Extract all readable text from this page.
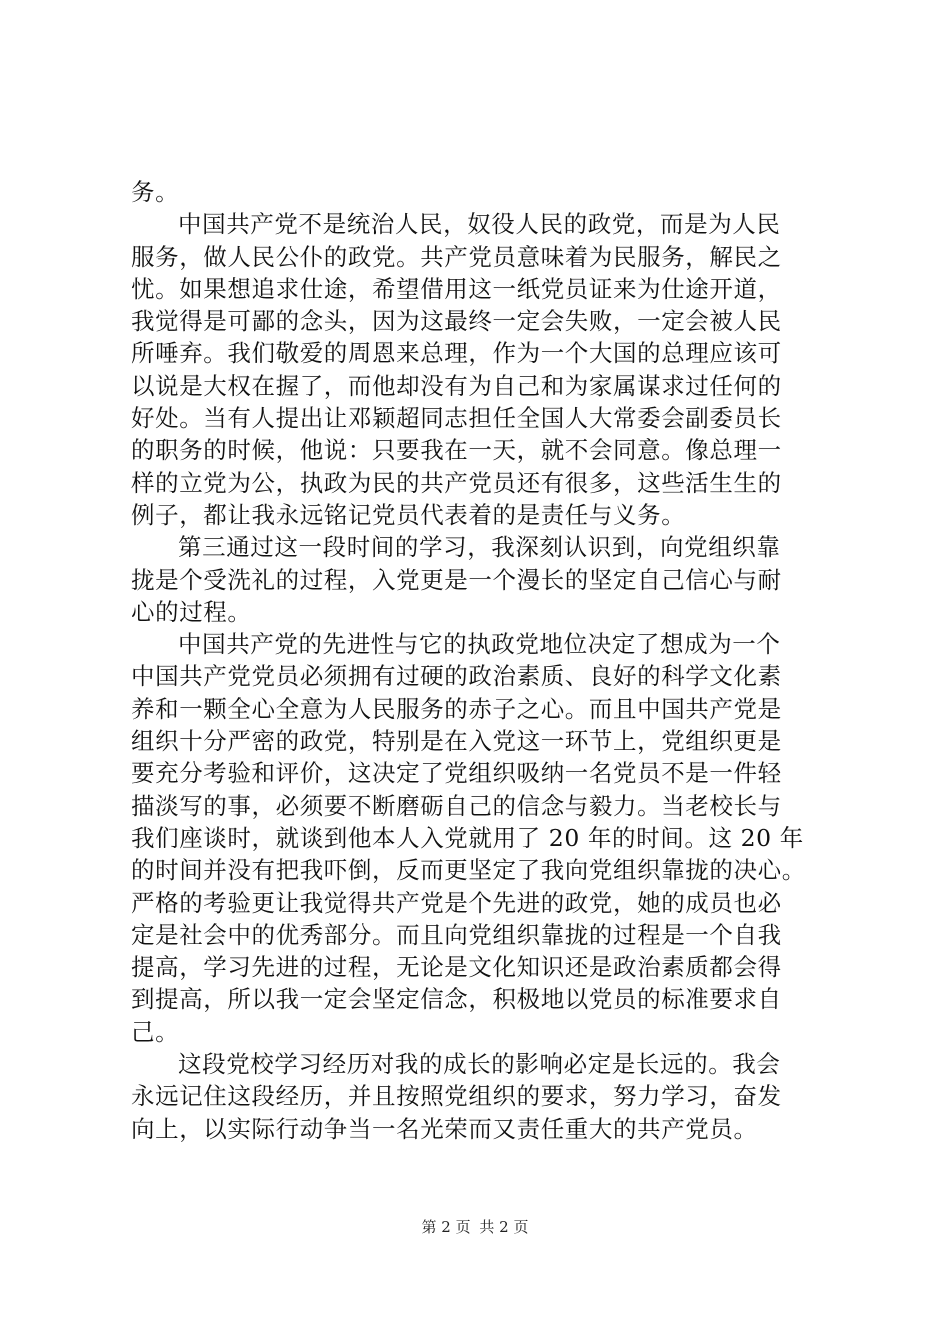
务。
中国共产党不是统治人民，奴役人民的政党，而是为人民
服务，做人民公仆的政党。共产党员意味着为民服务，解民之
忧。如果想追求仕途，希望借用这一纸党员证来为仕途开道，
我觉得是可鄙的念头，因为这最终一定会失败，一定会被人民
所唾弃。我们敬爱的周恩来总理，作为一个大国的总理应该可
以说是大权在握了，而他却没有为自己和为家属谋求过任何的
好处。当有人提出让邓颖超同志担任全国人大常委会副委员长
的职务的时候，他说：只要我在一天，就不会同意。像总理一
样的立党为公，执政为民的共产党员还有很多，这些活生生的
例子，都让我永远铭记党员代表着的是责任与义务。
第三通过这一段时间的学习，我深刻认识到，向党组织靠
拢是个受洗礼的过程，入党更是一个漫长的坚定自己信心与耐
心的过程。
中国共产党的先进性与它的执政党地位决定了想成为一个
中国共产党党员必须拥有过硬的政治素质、良好的科学文化素
养和一颗全心全意为人民服务的赤子之心。而且中国共产党是
组织十分严密的政党，特别是在入党这一环节上，党组织更是
要充分考验和评价，这决定了党组织吸纳一名党员不是一件轻
描淡写的事，必须要不断磨砺自己的信念与毅力。当老校长与
我们座谈时，就谈到他本人入党就用了 20 年的时间。这 20 年
的时间并没有把我吓倒，反而更坚定了我向党组织靠拢的决心。
严格的考验更让我觉得共产党是个先进的政党，她的成员也必
定是社会中的优秀部分。而且向党组织靠拢的过程是一个自我
提高，学习先进的过程，无论是文化知识还是政治素质都会得
到提高，所以我一定会坚定信念，积极地以党员的标准要求自
己。
这段党校学习经历对我的成长的影响必定是长远的。我会
永远记住这段经历，并且按照党组织的要求，努力学习，奋发
向上，以实际行动争当一名光荣而又责任重大的共产党员。
第 2 页 共 2 页
